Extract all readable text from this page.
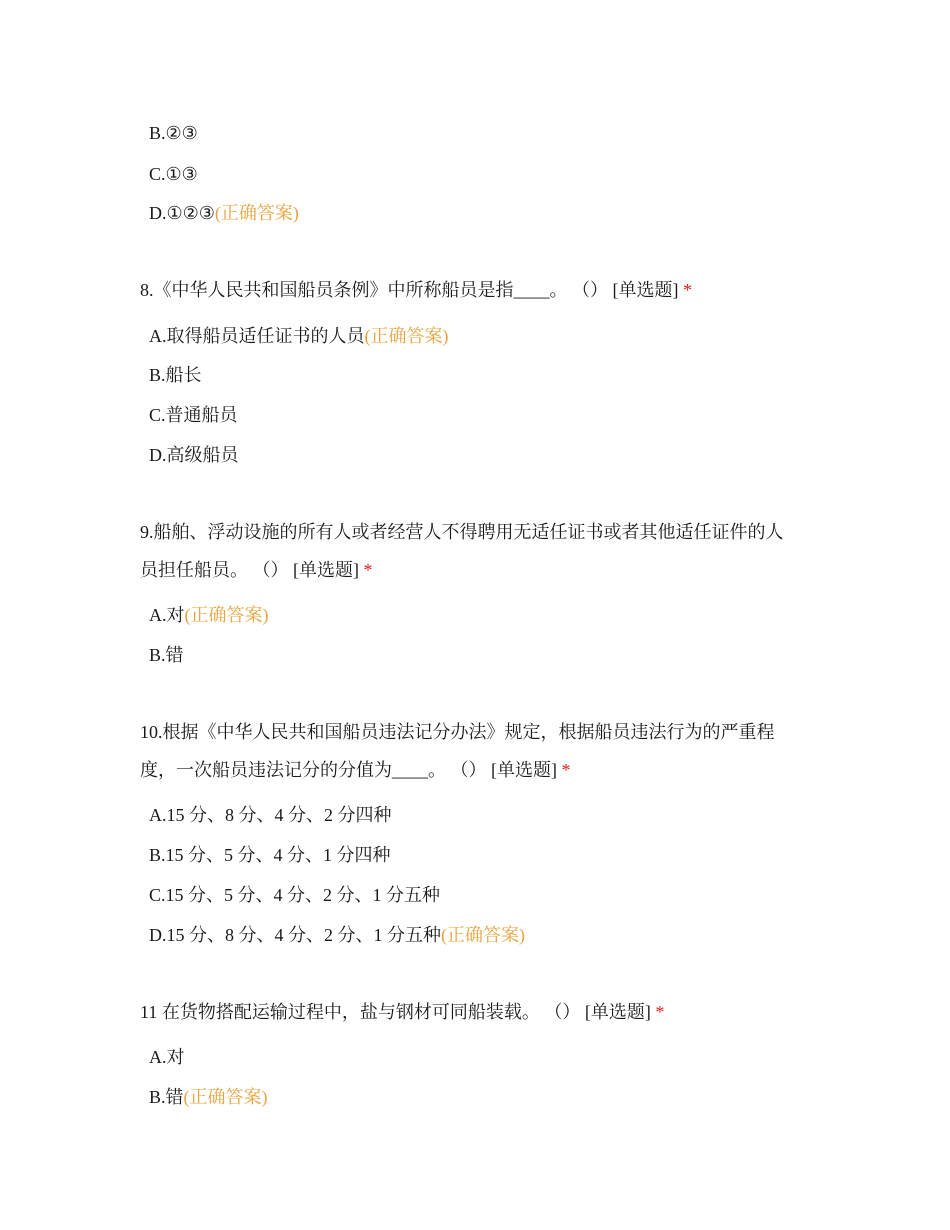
B.②③
C.①③
D.①②③(正确答案)
8.《中华人民共和国船员条例》中所称船员是指____。 （） [单选题] *
A.取得船员适任证书的人员(正确答案)
B.船长
C.普通船员
D.高级船员
9.船舶、浮动设施的所有人或者经营人不得聘用无适任证书或者其他适任证件的人
员担任船员。 （） [单选题] *
A.对(正确答案)
B.错
10.根据《中华人民共和国船员违法记分办法》规定，根据船员违法行为的严重程
度，一次船员违法记分的分值为____。 （） [单选题] *
A.15 分、8 分、4 分、2 分四种
B.15 分、5 分、4 分、1 分四种
C.15 分、5 分、4 分、2 分、1 分五种
D.15 分、8 分、4 分、2 分、1 分五种(正确答案)
11 在货物搭配运输过程中，盐与钢材可同船装载。 （） [单选题] *
A.对
B.错(正确答案)
